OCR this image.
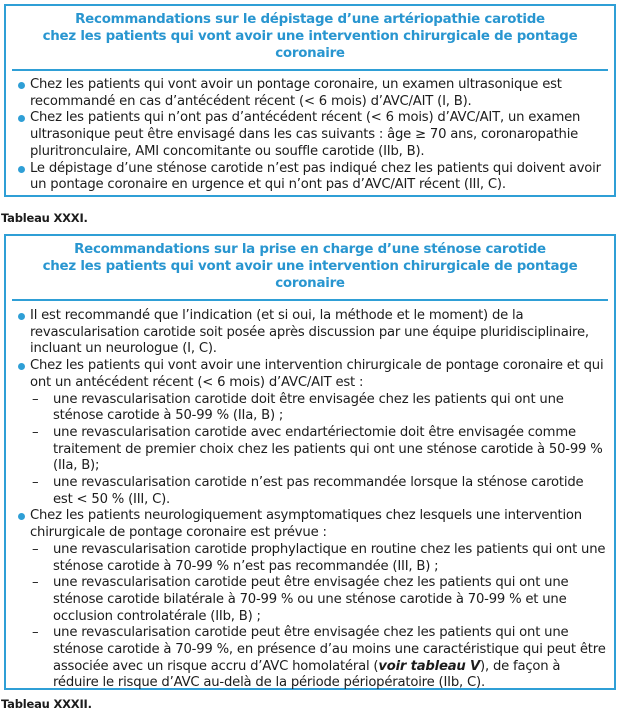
Recommandations sur le dépistage d’une artériopathie carotide
chez les patients qui vont avoir une intervention chirurgicale de pontage coronaire
Chez les patients qui vont avoir un pontage coronaire, un examen ultrasonique est recommandé en cas d’antécédent récent (< 6 mois) d’AVC/AIT (I, B).
Chez les patients qui n’ont pas d’antécédent récent (< 6 mois) d’AVC/AIT, un examen ultrasonique peut être envisagé dans les cas suivants : âge ≥ 70 ans, coronaropathie pluritronculaire, AMI concomitante ou souffle carotide (IIb, B).
Le dépistage d’une sténose carotide n’est pas indiqué chez les patients qui doivent avoir un pontage coronaire en urgence et qui n’ont pas d’AVC/AIT récent (III, C).
Tableau XXXI.
Recommandations sur la prise en charge d’une sténose carotide
chez les patients qui vont avoir une intervention chirurgicale de pontage coronaire
Il est recommandé que l’indication (et si oui, la méthode et le moment) de la revascularisation carotide soit posée après discussion par une équipe pluridisciplinaire, incluant un neurologue (I, C).
Chez les patients qui vont avoir une intervention chirurgicale de pontage coronaire et qui ont un antécédent récent (< 6 mois) d’AVC/AIT est :
– une revascularisation carotide doit être envisagée chez les patients qui ont une sténose carotide à 50-99 % (IIa, B) ;
– une revascularisation carotide avec endartériectomie doit être envisagée comme traitement de premier choix chez les patients qui ont une sténose carotide à 50-99 % (IIa, B);
– une revascularisation carotide n’est pas recommandée lorsque la sténose carotide est < 50 % (III, C).
Chez les patients neurologiquement asymptomatiques chez lesquels une intervention chirurgicale de pontage coronaire est prévue :
– une revascularisation carotide prophylactique en routine chez les patients qui ont une sténose carotide à 70-99 % n’est pas recommandée (III, B) ;
– une revascularisation carotide peut être envisagée chez les patients qui ont une sténose carotide bilatérale à 70-99 % ou une sténose carotide à 70-99 % et une occlusion controlatérale (IIb, B) ;
– une revascularisation carotide peut être envisagée chez les patients qui ont une sténose carotide à 70-99 %, en présence d’au moins une caractéristique qui peut être associée avec un risque accru d’AVC homolatéral (voir tableau V), de façon à réduire le risque d’AVC au-delà de la période périopératoire (IIb, C).
Tableau XXXII.
